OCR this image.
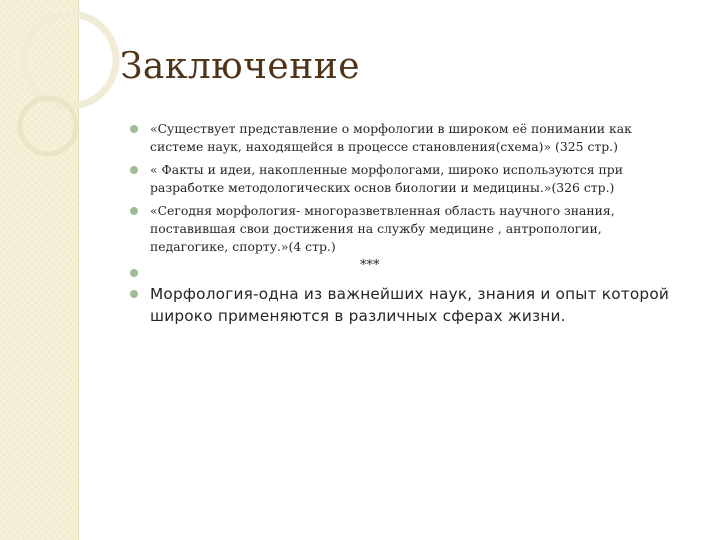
Заключение
«Существует представление о морфологии в широком её понимании как системе наук, находящейся в процессе становления(схема)» (325 стр.)
« Факты и идеи, накопленные морфологами, широко используются при разработке методологических основ биологии и медицины.»(326 стр.)
«Сегодня морфология- многоразветвленная область научного знания, поставившая свои достижения на службу медицине , антропологии, педагогике, спорту.»(4 стр.)
***
Морфология-одна из важнейших наук, знания и опыт которой широко применяются в различных сферах жизни.
